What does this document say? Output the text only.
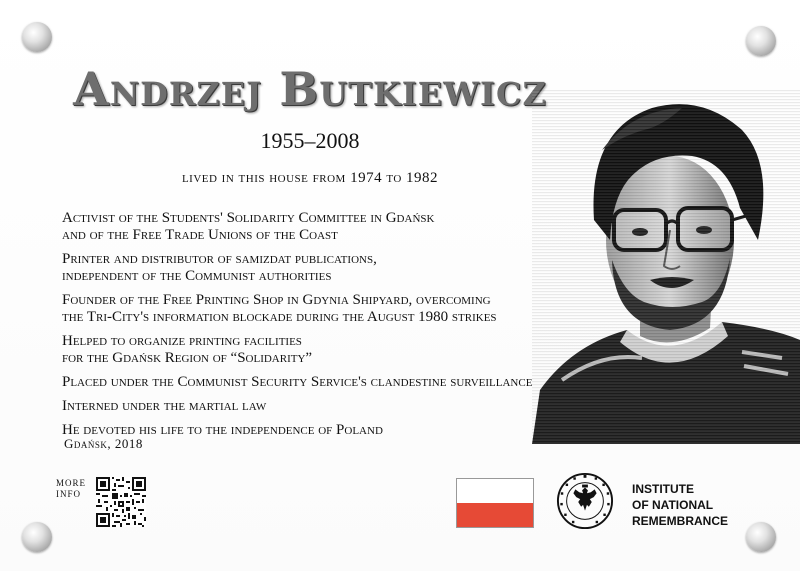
Andrzej Butkiewicz
1955–2008
lived in this house from 1974 to 1982
Activist of the Students' Solidarity Committee in Gdańsk
and of the Free Trade Unions of the Coast
Printer and distributor of samizdat publications,
independent of the Communist authorities
Founder of the Free Printing Shop in Gdynia Shipyard, overcoming
the Tri-City's information blockade during the August 1980 strikes
Helped to organize printing facilities
for the Gdańsk Region of “Solidarity”
Placed under the Communist Security Service's clandestine surveillance
Interned under the martial law
He devoted his life to the independence of Poland
Gdańsk, 2018
MORE
INFO	INSTITUTE
OF NATIONAL
REMEMBRANCE
